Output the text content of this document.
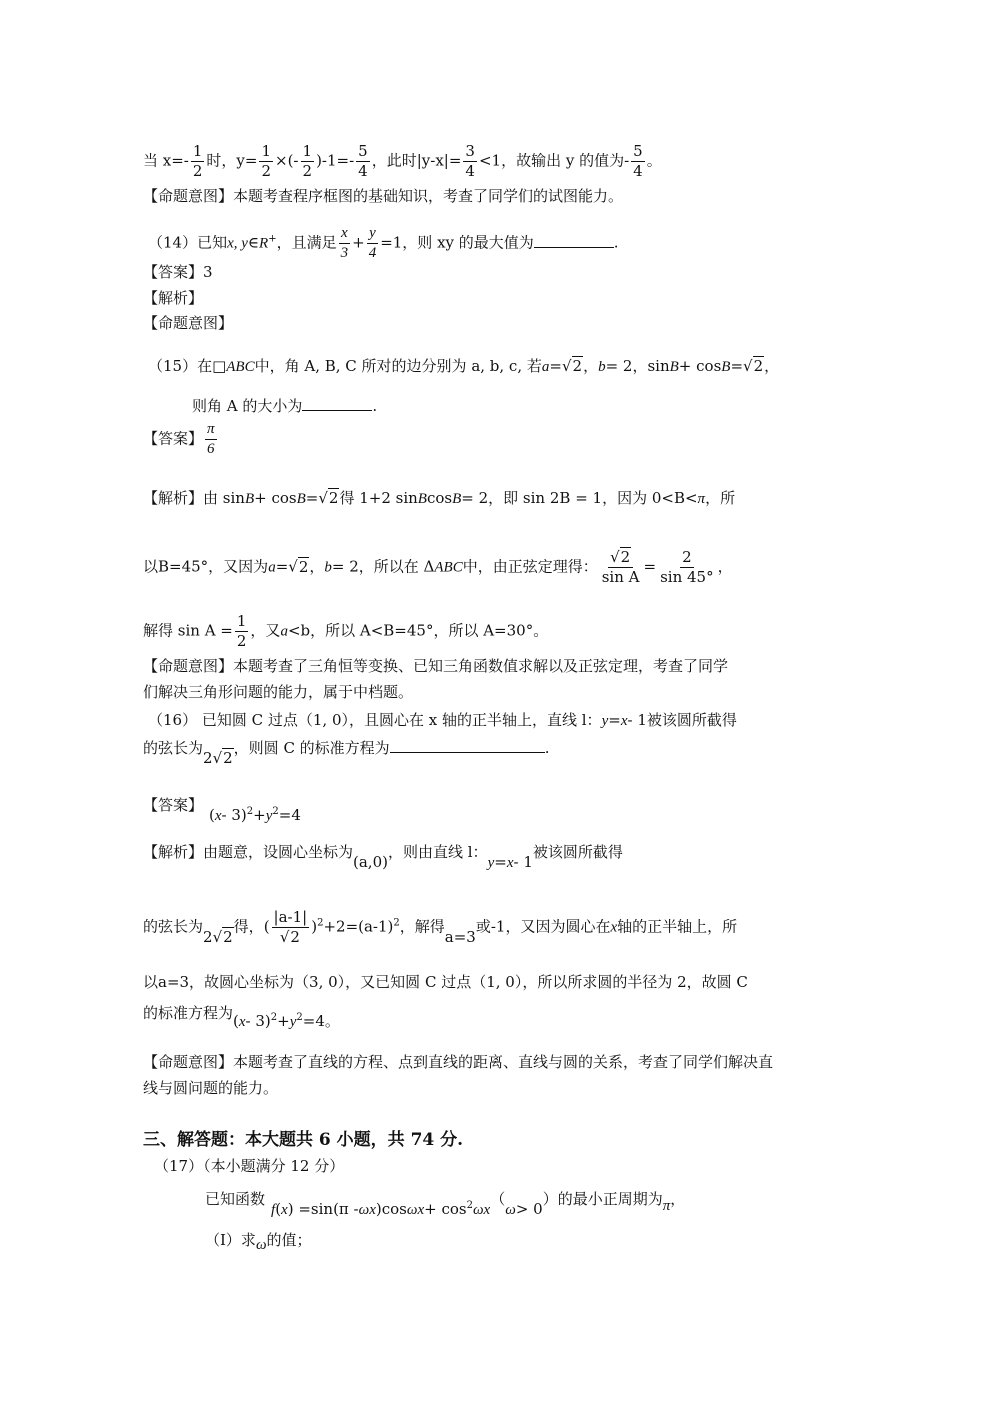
当 $x=- \frac{1}{2}$ 时，$y= \frac{1}{2}$ ×(- $\frac{1}{2} )-1=- \frac{5}{4}$ ，此时$|y-x|= \frac{3}{4} <1$，故输出 y 的值为- $\frac{5}{4}$ 。
【命题意图】本题考查程序框图的基础知识，考查了同学们的试图能力。
（14）已知x, y∈R+，且满足 $\frac{x}{3} + \frac{y}{4} =1$，则 xy 的最大值为	.
【答案】3
【解析】
【命题意图】
（15）在□ABC中，角 A, B, C 所对的边分别为 a, b, c, 若a=√2，b= 2，sinB+ cosB=√2，
则角 A 的大小为	.
【答案】 $\frac{\pi}{6}$
【解析】由 sinB+ cosB=√2得 1+2 sinBcosB= 2，即 sin 2B = 1，因为 0<B<π，所
以B=45°，又因为a=√2，b= 2，所以在 ΔABC中，由正弦定理得： $\frac{√2}{\text{sin A}} = \frac{2}{\sin 45^\circ}$ ，
解得 $\sin A = \frac{1}{2}$ ，又a<b，所以 A<B=45°，所以 A=30°。
【命题意图】本题考查了三角恒等变换、已知三角函数值求解以及正弦定理，考查了同学
们解决三角形问题的能力，属于中档题。
（16） 已知圆 C 过点（1, 0），且圆心在 x 轴的正半轴上，直线 l：y=x- 1被该圆所截得
的弦长为2√2，则圆 C 的标准方程为	.
【答案】(x- $3)^2+y^2=4$
【解析】由题意，设圆心坐标为(a,0)，则由直线 l：y=x- 1被该圆所截得
的弦长为2√2得，( $\frac{|a-1|}{√2} )^2+2=(a-1)^2$，解得a=3或-1，又因为圆心在x轴的正半轴上，所
以a=3，故圆心坐标为（3, 0），又已知圆 C 过点（1, 0），所以所求圆的半径为 2，故圆 C
的标准方程为(x- $3)^2+y^2=4$。
【命题意图】本题考查了直线的方程、点到直线的距离、直线与圆的关系，考查了同学们解决直
线与圆问题的能力。
三、解答题：本大题共 6 小题，共 74 分.
（17）（本小题满分 12 分）
已知函数f(x) =sin(π $-\omega x)\cos\omega x+ \cos^2\omega x(\omega> 0)$的最小正周期为π，
（Ⅰ）求ω的值；
